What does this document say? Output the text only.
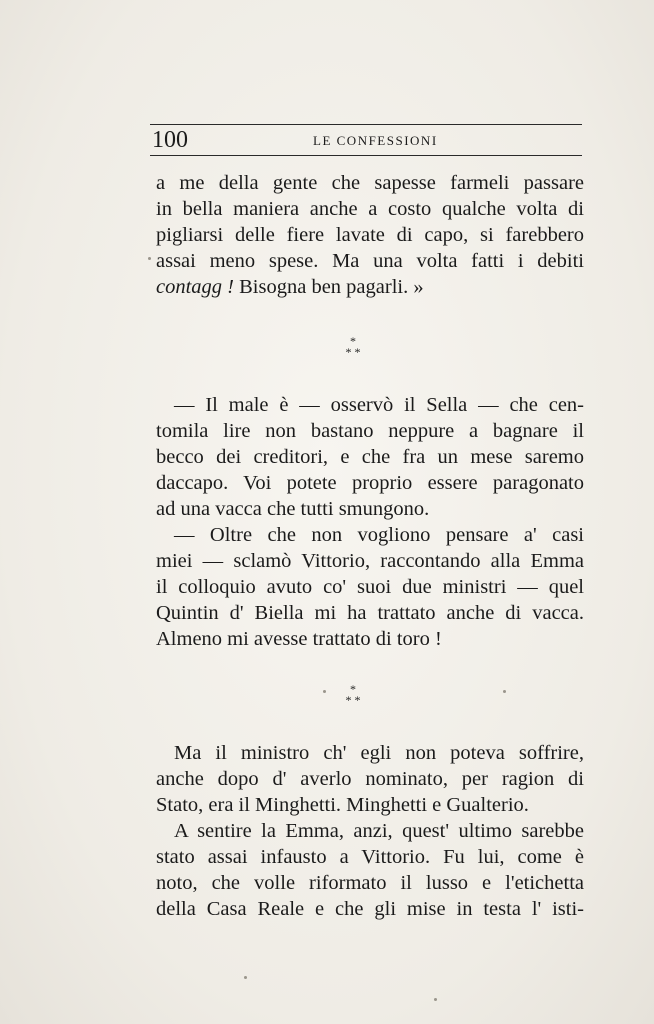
100	LE CONFESSIONI
a me della gente che sapesse farmeli passare
in bella maniera anche a costo qualche volta di
pigliarsi delle fiere lavate di capo, si farebbero
assai meno spese. Ma una volta fatti i debiti
contagg ! Bisogna ben pagarli. »
*
* *
— Il male è — osservò il Sella — che cen-
tomila lire non bastano neppure a bagnare il
becco dei creditori, e che fra un mese saremo
daccapo. Voi potete proprio essere paragonato
ad una vacca che tutti smungono.
— Oltre che non vogliono pensare a' casi
miei — sclamò Vittorio, raccontando alla Emma
il colloquio avuto co' suoi due ministri — quel
Quintin d' Biella mi ha trattato anche di vacca.
Almeno mi avesse trattato di toro !
*
* *
Ma il ministro ch' egli non poteva soffrire,
anche dopo d' averlo nominato, per ragion di
Stato, era il Minghetti. Minghetti e Gualterio.
A sentire la Emma, anzi, quest' ultimo sarebbe
stato assai infausto a Vittorio. Fu lui, come è
noto, che volle riformato il lusso e l'etichetta
della Casa Reale e che gli mise in testa l' isti-
